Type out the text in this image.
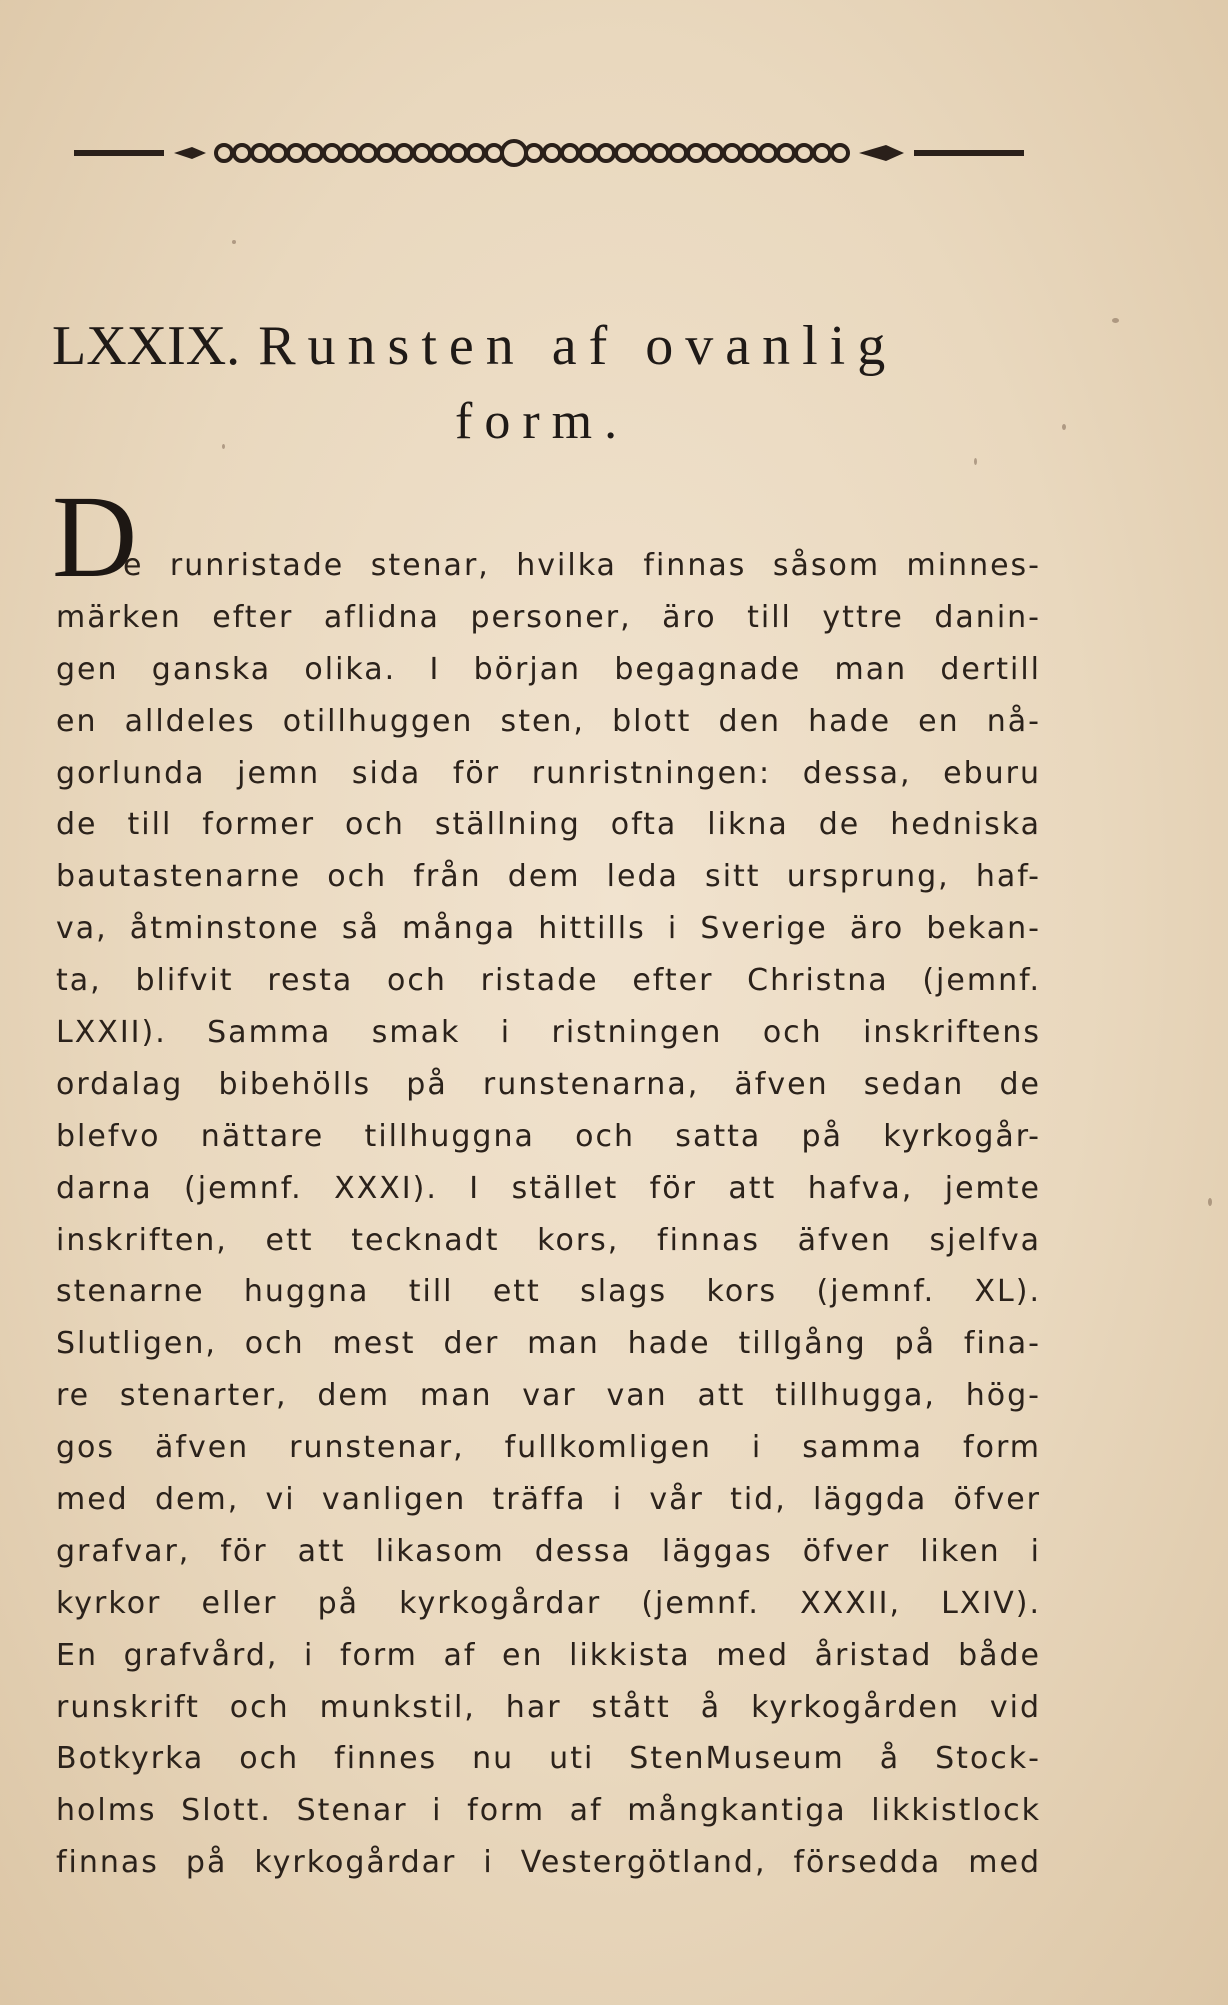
LXXIX. Runsten af ovanlig
form.
D
e runristade stenar, hvilka finnas såsom minnes-
märken efter aflidna personer, äro till yttre danin-
gen ganska olika. I början begagnade man dertill
en alldeles otillhuggen sten, blott den hade en nå-
gorlunda jemn sida för runristningen: dessa, eburu
de till former och ställning ofta likna de hedniska
bautastenarne och från dem leda sitt ursprung, haf-
va, åtminstone så många hittills i Sverige äro bekan-
ta, blifvit resta och ristade efter Christna (jemnf.
LXXII). Samma smak i ristningen och inskriftens
ordalag bibehölls på runstenarna, äfven sedan de
blefvo nättare tillhuggna och satta på kyrkogår-
darna (jemnf. XXXI). I stället för att hafva, jemte
inskriften, ett tecknadt kors, finnas äfven sjelfva
stenarne huggna till ett slags kors (jemnf. XL).
Slutligen, och mest der man hade tillgång på fina-
re stenarter, dem man var van att tillhugga, hög-
gos äfven runstenar, fullkomligen i samma form
med dem, vi vanligen träffa i vår tid, läggda öfver
grafvar, för att likasom dessa läggas öfver liken i
kyrkor eller på kyrkogårdar (jemnf. XXXII, LXIV).
En grafvård, i form af en likkista med åristad både
runskrift och munkstil, har stått å kyrkogården vid
Botkyrka och finnes nu uti StenMuseum å Stock-
holms Slott. Stenar i form af mångkantiga likkistlock
finnas på kyrkogårdar i Vestergötland, försedda med
